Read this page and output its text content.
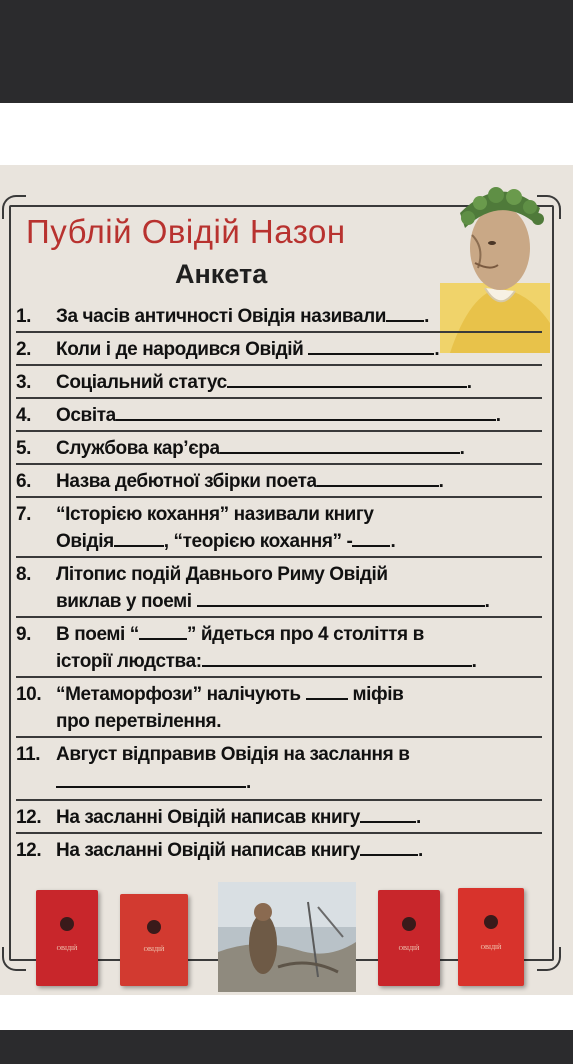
Публій Овідій Назон
Анкета
1. За часів античності Овідія називали .
2. Коли і де народився Овідій	.
3. Соціальний статус	.
4. Освіта	.
5. Службова кар’єра	.
6. Назва дебютної збірки поета	.
7. “Історією кохання” називали книгу
Овідія	, “теорією кохання” - .
8. Літопис подій Давнього Риму Овідій
виклав у поемі	.
9. В поемі “	” йдеться про 4 століття в
історії людства:	.
10. “Метаморфози” налічують	міфів
про перетвілення.
11. Август відправив Овідія на заслання в
.
12. На засланні Овідій написав книгу	.
12. На засланні Овідій написав книгу	.
ОВІДІЙ	ОВІДІЙ	ОВІДІЙ	ОВІДІЙ
